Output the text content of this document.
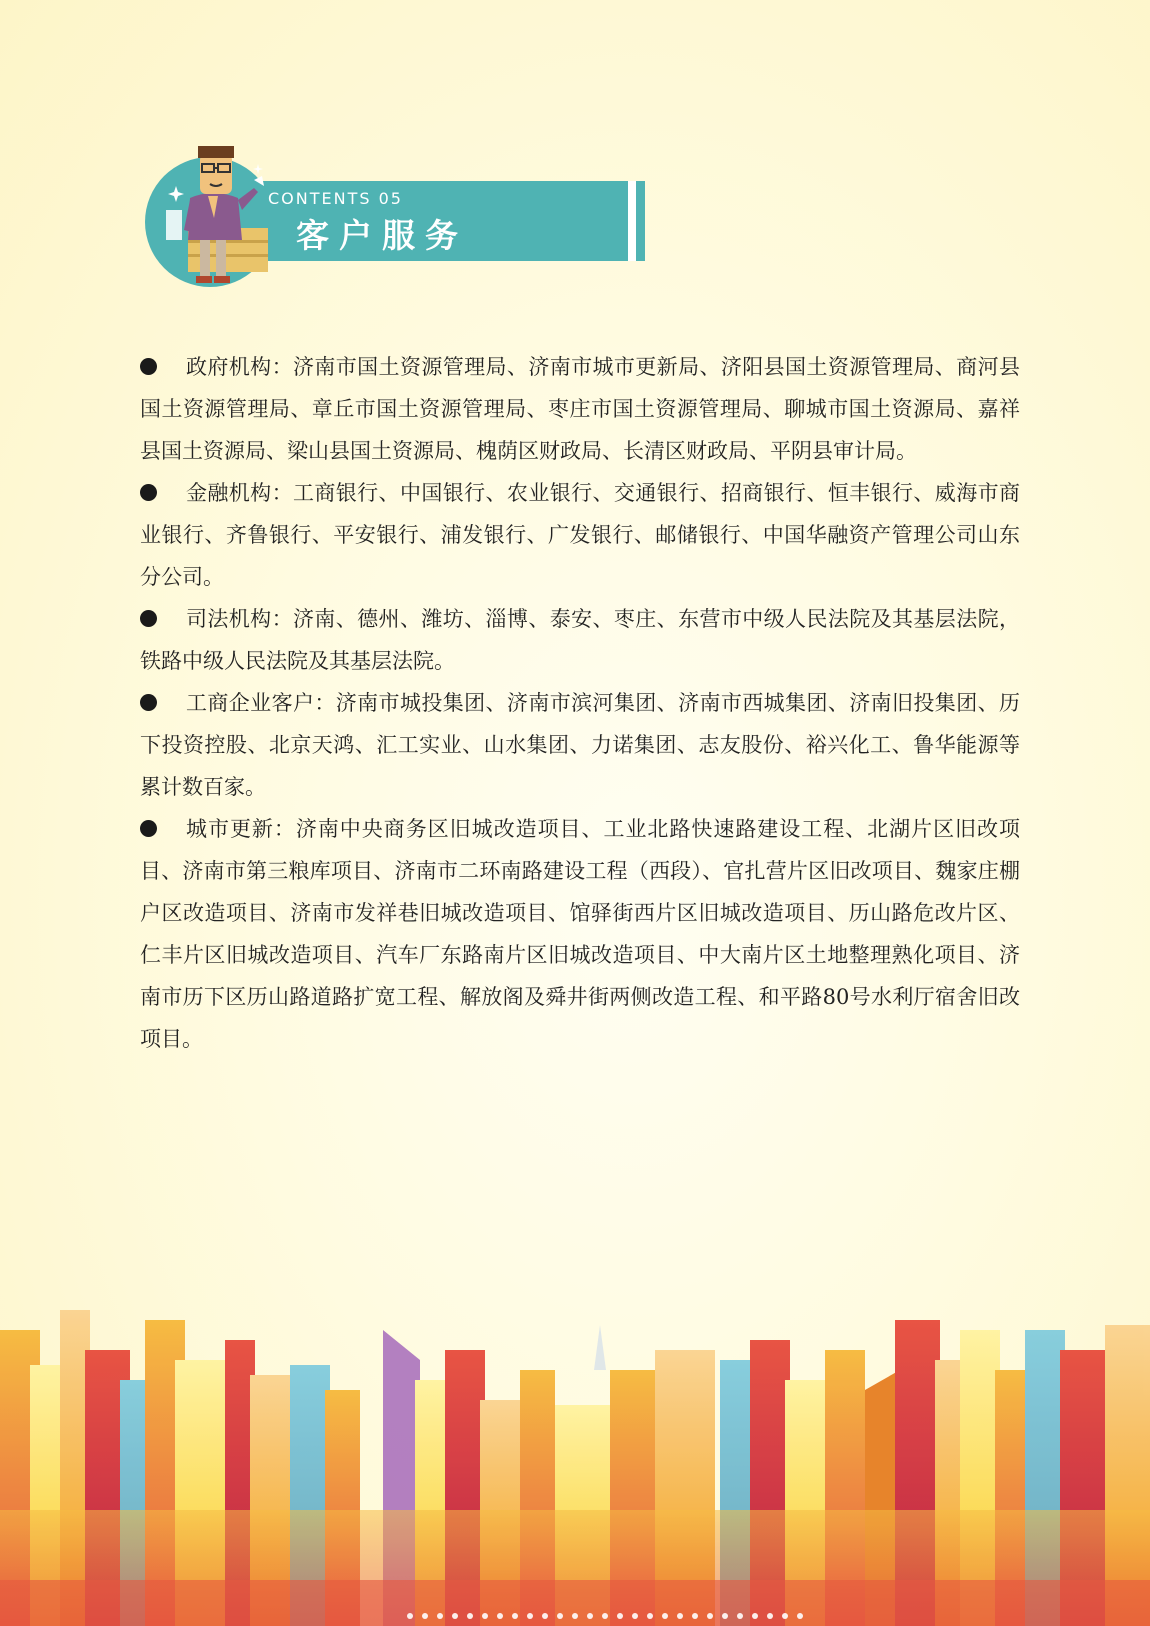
CONTENTS 05
客户服务

政府机构：济南市国土资源管理局、济南市城市更新局、济阳县国土资源管理局、商河县国土资源管理局、章丘市国土资源管理局、枣庄市国土资源管理局、聊城市国土资源局、嘉祥县国土资源局、梁山县国土资源局、槐荫区财政局、长清区财政局、平阴县审计局。

金融机构：工商银行、中国银行、农业银行、交通银行、招商银行、恒丰银行、威海市商业银行、齐鲁银行、平安银行、浦发银行、广发银行、邮储银行、中国华融资产管理公司山东分公司。

司法机构：济南、德州、潍坊、淄博、泰安、枣庄、东营市中级人民法院及其基层法院，铁路中级人民法院及其基层法院。

工商企业客户：济南市城投集团、济南市滨河集团、济南市西城集团、济南旧投集团、历下投资控股、北京天鸿、汇工实业、山水集团、力诺集团、志友股份、裕兴化工、鲁华能源等累计数百家。

城市更新：济南中央商务区旧城改造项目、工业北路快速路建设工程、北湖片区旧改项目、济南市第三粮库项目、济南市二环南路建设工程（西段）、官扎营片区旧改项目、魏家庄棚户区改造项目、济南市发祥巷旧城改造项目、馆驿街西片区旧城改造项目、历山路危改片区、仁丰片区旧城改造项目、汽车厂东路南片区旧城改造项目、中大南片区土地整理熟化项目、济南市历下区历山路道路扩宽工程、解放阁及舜井街两侧改造工程、和平路80号水利厅宿舍旧改项目。
